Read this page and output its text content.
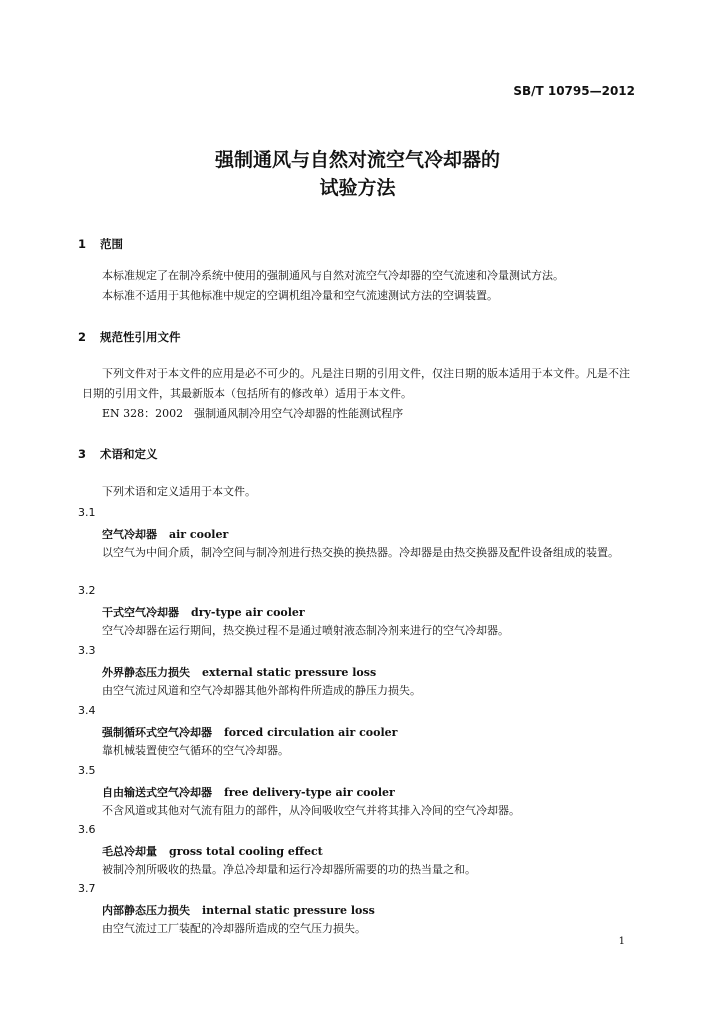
SB/T 10795—2012
强制通风与自然对流空气冷却器的
试验方法
1 范围
本标准规定了在制冷系统中使用的强制通风与自然对流空气冷却器的空气流速和冷量测试方法。
本标准不适用于其他标准中规定的空调机组冷量和空气流速测试方法的空调装置。
2 规范性引用文件
下列文件对于本文件的应用是必不可少的。凡是注日期的引用文件，仅注日期的版本适用于本文件。凡是不注日期的引用文件，其最新版本（包括所有的修改单）适用于本文件。
EN 328：2002　强制通风制冷用空气冷却器的性能测试程序
3 术语和定义
下列术语和定义适用于本文件。
3.1
空气冷却器 air cooler
以空气为中间介质，制冷空间与制冷剂进行热交换的换热器。冷却器是由热交换器及配件设备组成的装置。
3.2
干式空气冷却器 dry-type air cooler
空气冷却器在运行期间，热交换过程不是通过喷射液态制冷剂来进行的空气冷却器。
3.3
外界静态压力损失 external static pressure loss
由空气流过风道和空气冷却器其他外部构件所造成的静压力损失。
3.4
强制循环式空气冷却器 forced circulation air cooler
靠机械装置使空气循环的空气冷却器。
3.5
自由输送式空气冷却器 free delivery-type air cooler
不含风道或其他对气流有阻力的部件，从冷间吸收空气并将其排入冷间的空气冷却器。
3.6
毛总冷却量 gross total cooling effect
被制冷剂所吸收的热量。净总冷却量和运行冷却器所需要的功的热当量之和。
3.7
内部静态压力损失 internal static pressure loss
由空气流过工厂装配的冷却器所造成的空气压力损失。
1
